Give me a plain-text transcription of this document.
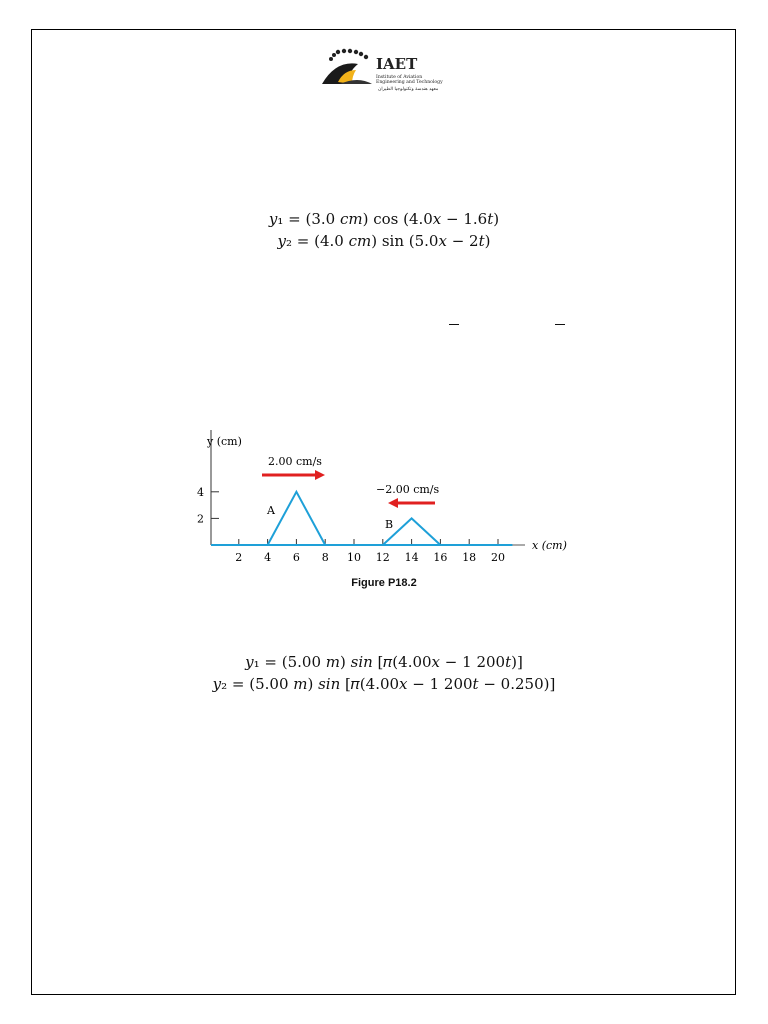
IAET
Institute of Aviation
Engineering and Technology
معهد هندسة وتكنولوجيا الطيران
𝑦₁ = (3.0 𝑐𝑚) cos (4.0𝑥 − 1.6𝑡)
𝑦₂ = (4.0 𝑐𝑚) sin (5.0𝑥 − 2𝑡)
y (cm)
x (cm)
2
4
2 4 6 8 10 12 14 16 18 20
A
B
2.00 cm/s
−2.00 cm/s
Figure P18.2
𝑦₁ = (5.00 𝑚) 𝑠𝑖𝑛 [𝜋(4.00𝑥 − 1 200𝑡)]
𝑦₂ = (5.00 𝑚) 𝑠𝑖𝑛 [𝜋(4.00𝑥 − 1 200𝑡 − 0.250)]
